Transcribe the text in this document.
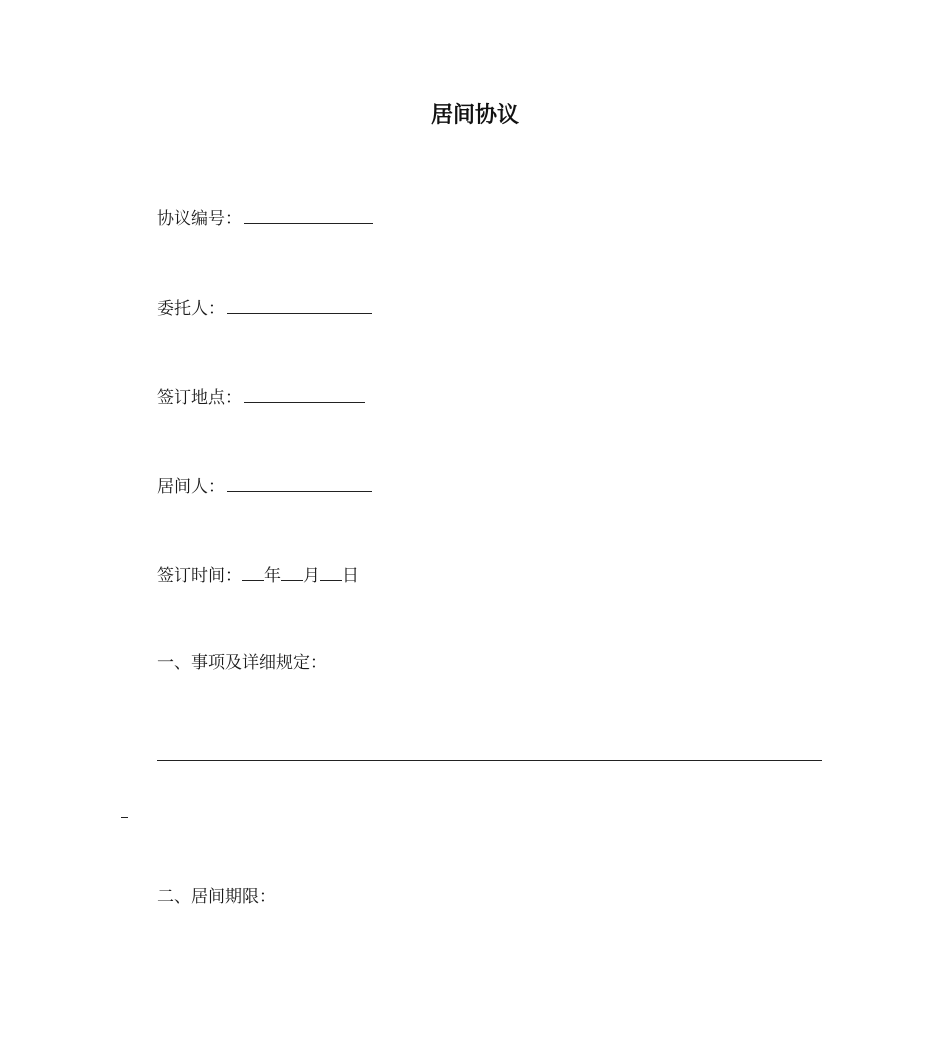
居间协议
协议编号：
委托人：
签订地点：
居间人：
签订时间： 年 月 日
一、事项及详细规定：
二、居间期限：
